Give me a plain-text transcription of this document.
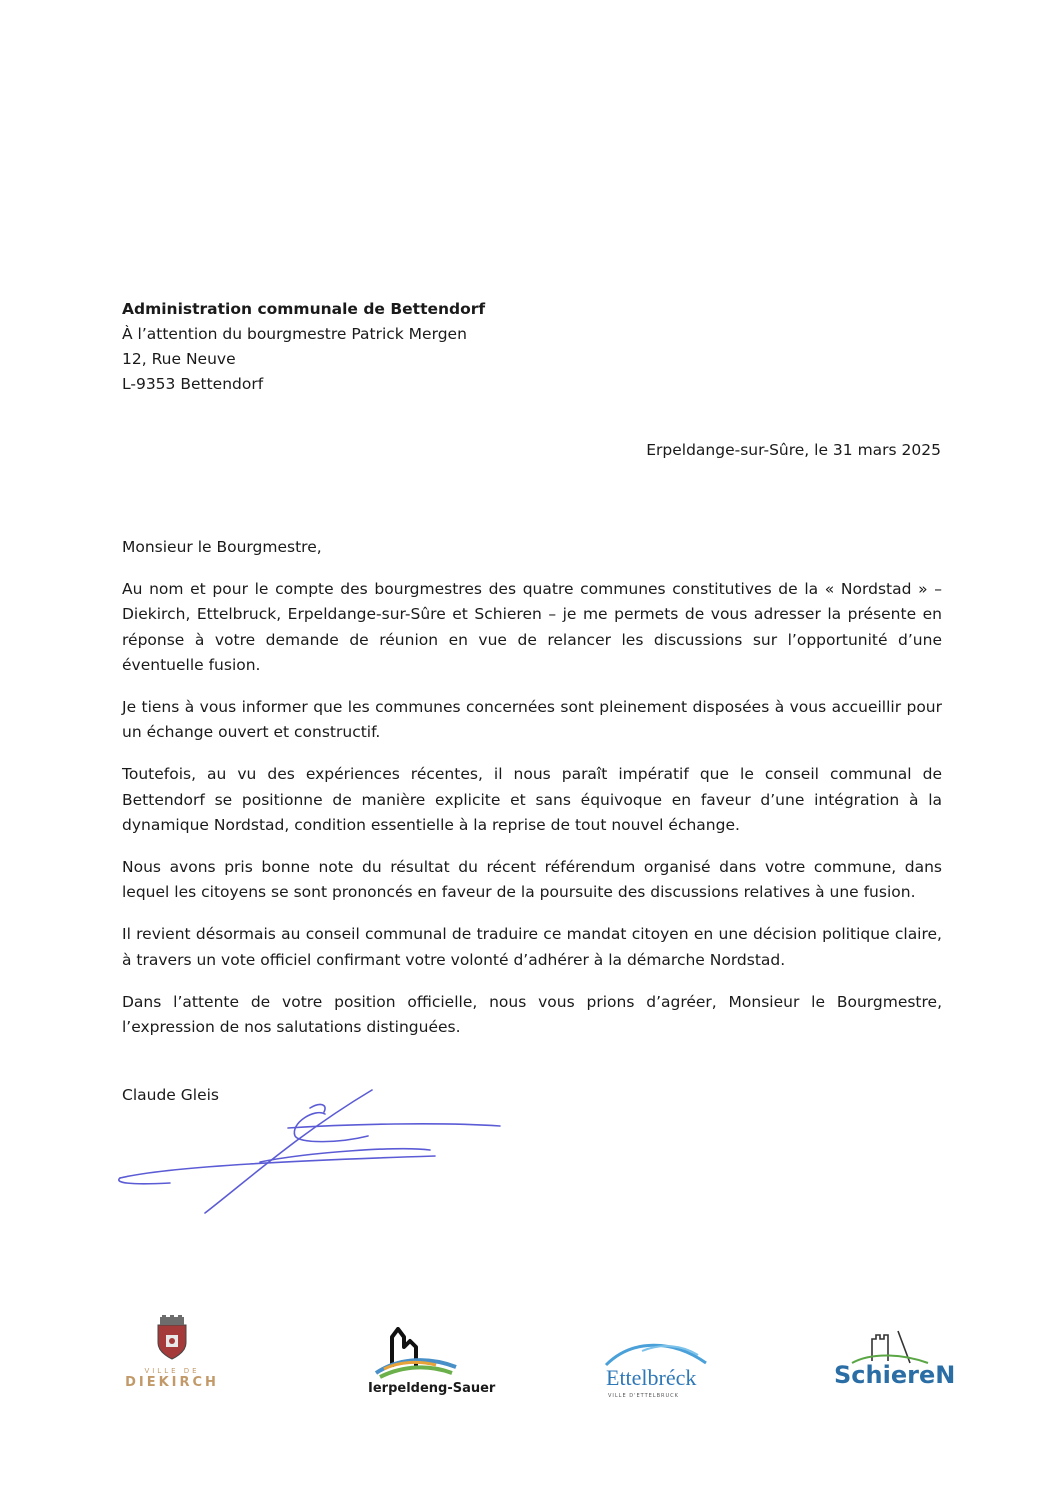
Administration communale de Bettendorf
À l’attention du bourgmestre Patrick Mergen
12, Rue Neuve
L-9353 Bettendorf
Erpeldange-sur-Sûre, le 31 mars 2025

Monsieur le Bourgmestre,

Au nom et pour le compte des bourgmestres des quatre communes constitutives de la « Nordstad » – Diekirch, Ettelbruck, Erpeldange-sur-Sûre et Schieren – je me permets de vous adresser la présente en réponse à votre demande de réunion en vue de relancer les discussions sur l’opportunité d’une éventuelle fusion.

Je tiens à vous informer que les communes concernées sont pleinement disposées à vous accueillir pour un échange ouvert et constructif.

Toutefois, au vu des expériences récentes, il nous paraît impératif que le conseil communal de Bettendorf se positionne de manière explicite et sans équivoque en faveur d’une intégration à la dynamique Nordstad, condition essentielle à la reprise de tout nouvel échange.

Nous avons pris bonne note du résultat du récent référendum organisé dans votre commune, dans lequel les citoyens se sont prononcés en faveur de la poursuite des discussions relatives à une fusion.

Il revient désormais au conseil communal de traduire ce mandat citoyen en une décision politique claire, à travers un vote officiel confirmant votre volonté d’adhérer à la démarche Nordstad.

Dans l’attente de votre position officielle, nous vous prions d’agréer, Monsieur le Bourgmestre, l’expression de nos salutations distinguées.

Claude Gleis
VILLE DE
DIEKIRCH	Ierpeldeng-Sauer	Ettelbréck
VILLE D'ETTELBRUCK
SchiereN
